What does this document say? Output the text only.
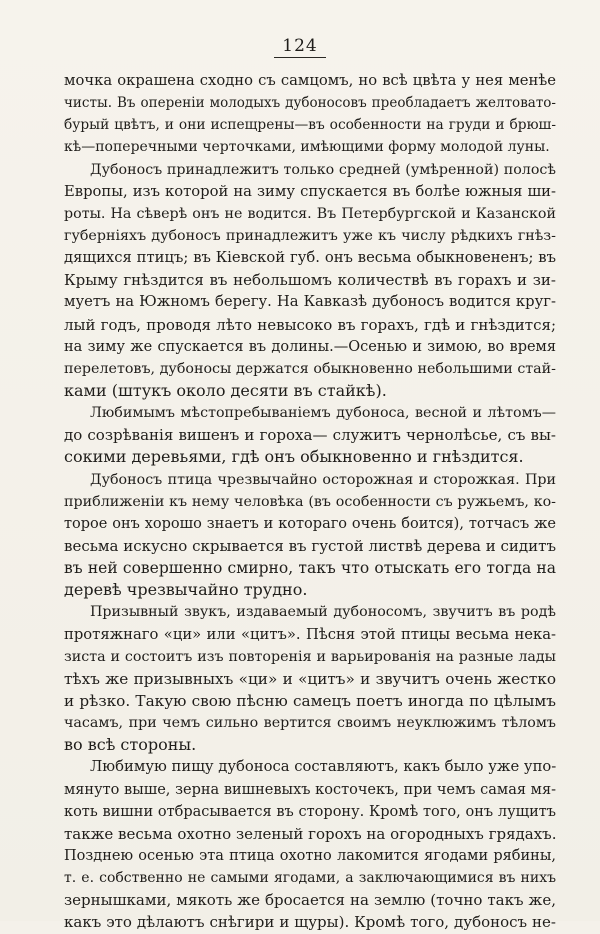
124
мочка окрашена сходно съ самцомъ, но всѣ цвѣта у нея менѣе
чисты. Въ опереніи молодыхъ дубоносовъ преобладаетъ желтовато-
бурый цвѣтъ, и они испещрены—въ особенности на груди и брюш-
кѣ—поперечными черточками, имѣющими форму молодой луны.
Дубоносъ принадлежитъ только средней (умѣренной) полосѣ
Европы, изъ которой на зиму спускается въ болѣе южныя ши-
роты. На сѣверѣ онъ не водится. Въ Петербургской и Казанской
губерніяхъ дубоносъ принадлежитъ уже къ числу рѣдкихъ гнѣз-
дящихся птицъ; въ Кіевской губ. онъ весьма обыкновененъ; въ
Крыму гнѣздится въ небольшомъ количествѣ въ горахъ и зи-
муетъ на Южномъ берегу. На Кавказѣ дубоносъ водится круг-
лый годъ, проводя лѣто невысоко въ горахъ, гдѣ и гнѣздится;
на зиму же спускается въ долины.—Осенью и зимою, во время
перелетовъ, дубоносы держатся обыкновенно небольшими стай-
ками (штукъ около десяти въ стайкѣ).
Любимымъ мѣстопребываніемъ дубоноса, весной и лѣтомъ—
до созрѣванія вишенъ и гороха— служитъ чернолѣсье, съ вы-
сокими деревьями, гдѣ онъ обыкновенно и гнѣздится.
Дубоносъ птица чрезвычайно осторожная и сторожкая. При
приближеніи къ нему человѣка (въ особенности съ ружьемъ, ко-
торое онъ хорошо знаетъ и котораго очень боится), тотчасъ же
весьма искусно скрывается въ густой листвѣ дерева и сидитъ
въ ней совершенно смирно, такъ что отыскать его тогда на
деревѣ чрезвычайно трудно.
Призывный звукъ, издаваемый дубоносомъ, звучитъ въ родѣ
протяжнаго «ци» или «цитъ». Пѣсня этой птицы весьма нека-
зиста и состоитъ изъ повторенія и варьированія на разные лады
тѣхъ же призывныхъ «ци» и «цитъ» и звучитъ очень жестко
и рѣзко. Такую свою пѣсню самецъ поетъ иногда по цѣлымъ
часамъ, при чемъ сильно вертится своимъ неуклюжимъ тѣломъ
во всѣ стороны.
Любимую пищу дубоноса составляютъ, какъ было уже упо-
мянуто выше, зерна вишневыхъ косточекъ, при чемъ самая мя-
коть вишни отбрасывается въ сторону. Кромѣ того, онъ лущитъ
также весьма охотно зеленый горохъ на огородныхъ грядахъ.
Позднею осенью эта птица охотно лакомится ягодами рябины,
т. е. собственно не самыми ягодами, а заключающимися въ нихъ
зернышками, мякоть же бросается на землю (точно такъ же,
какъ это дѣлаютъ снѣгири и щуры). Кромѣ того, дубоносъ не-
